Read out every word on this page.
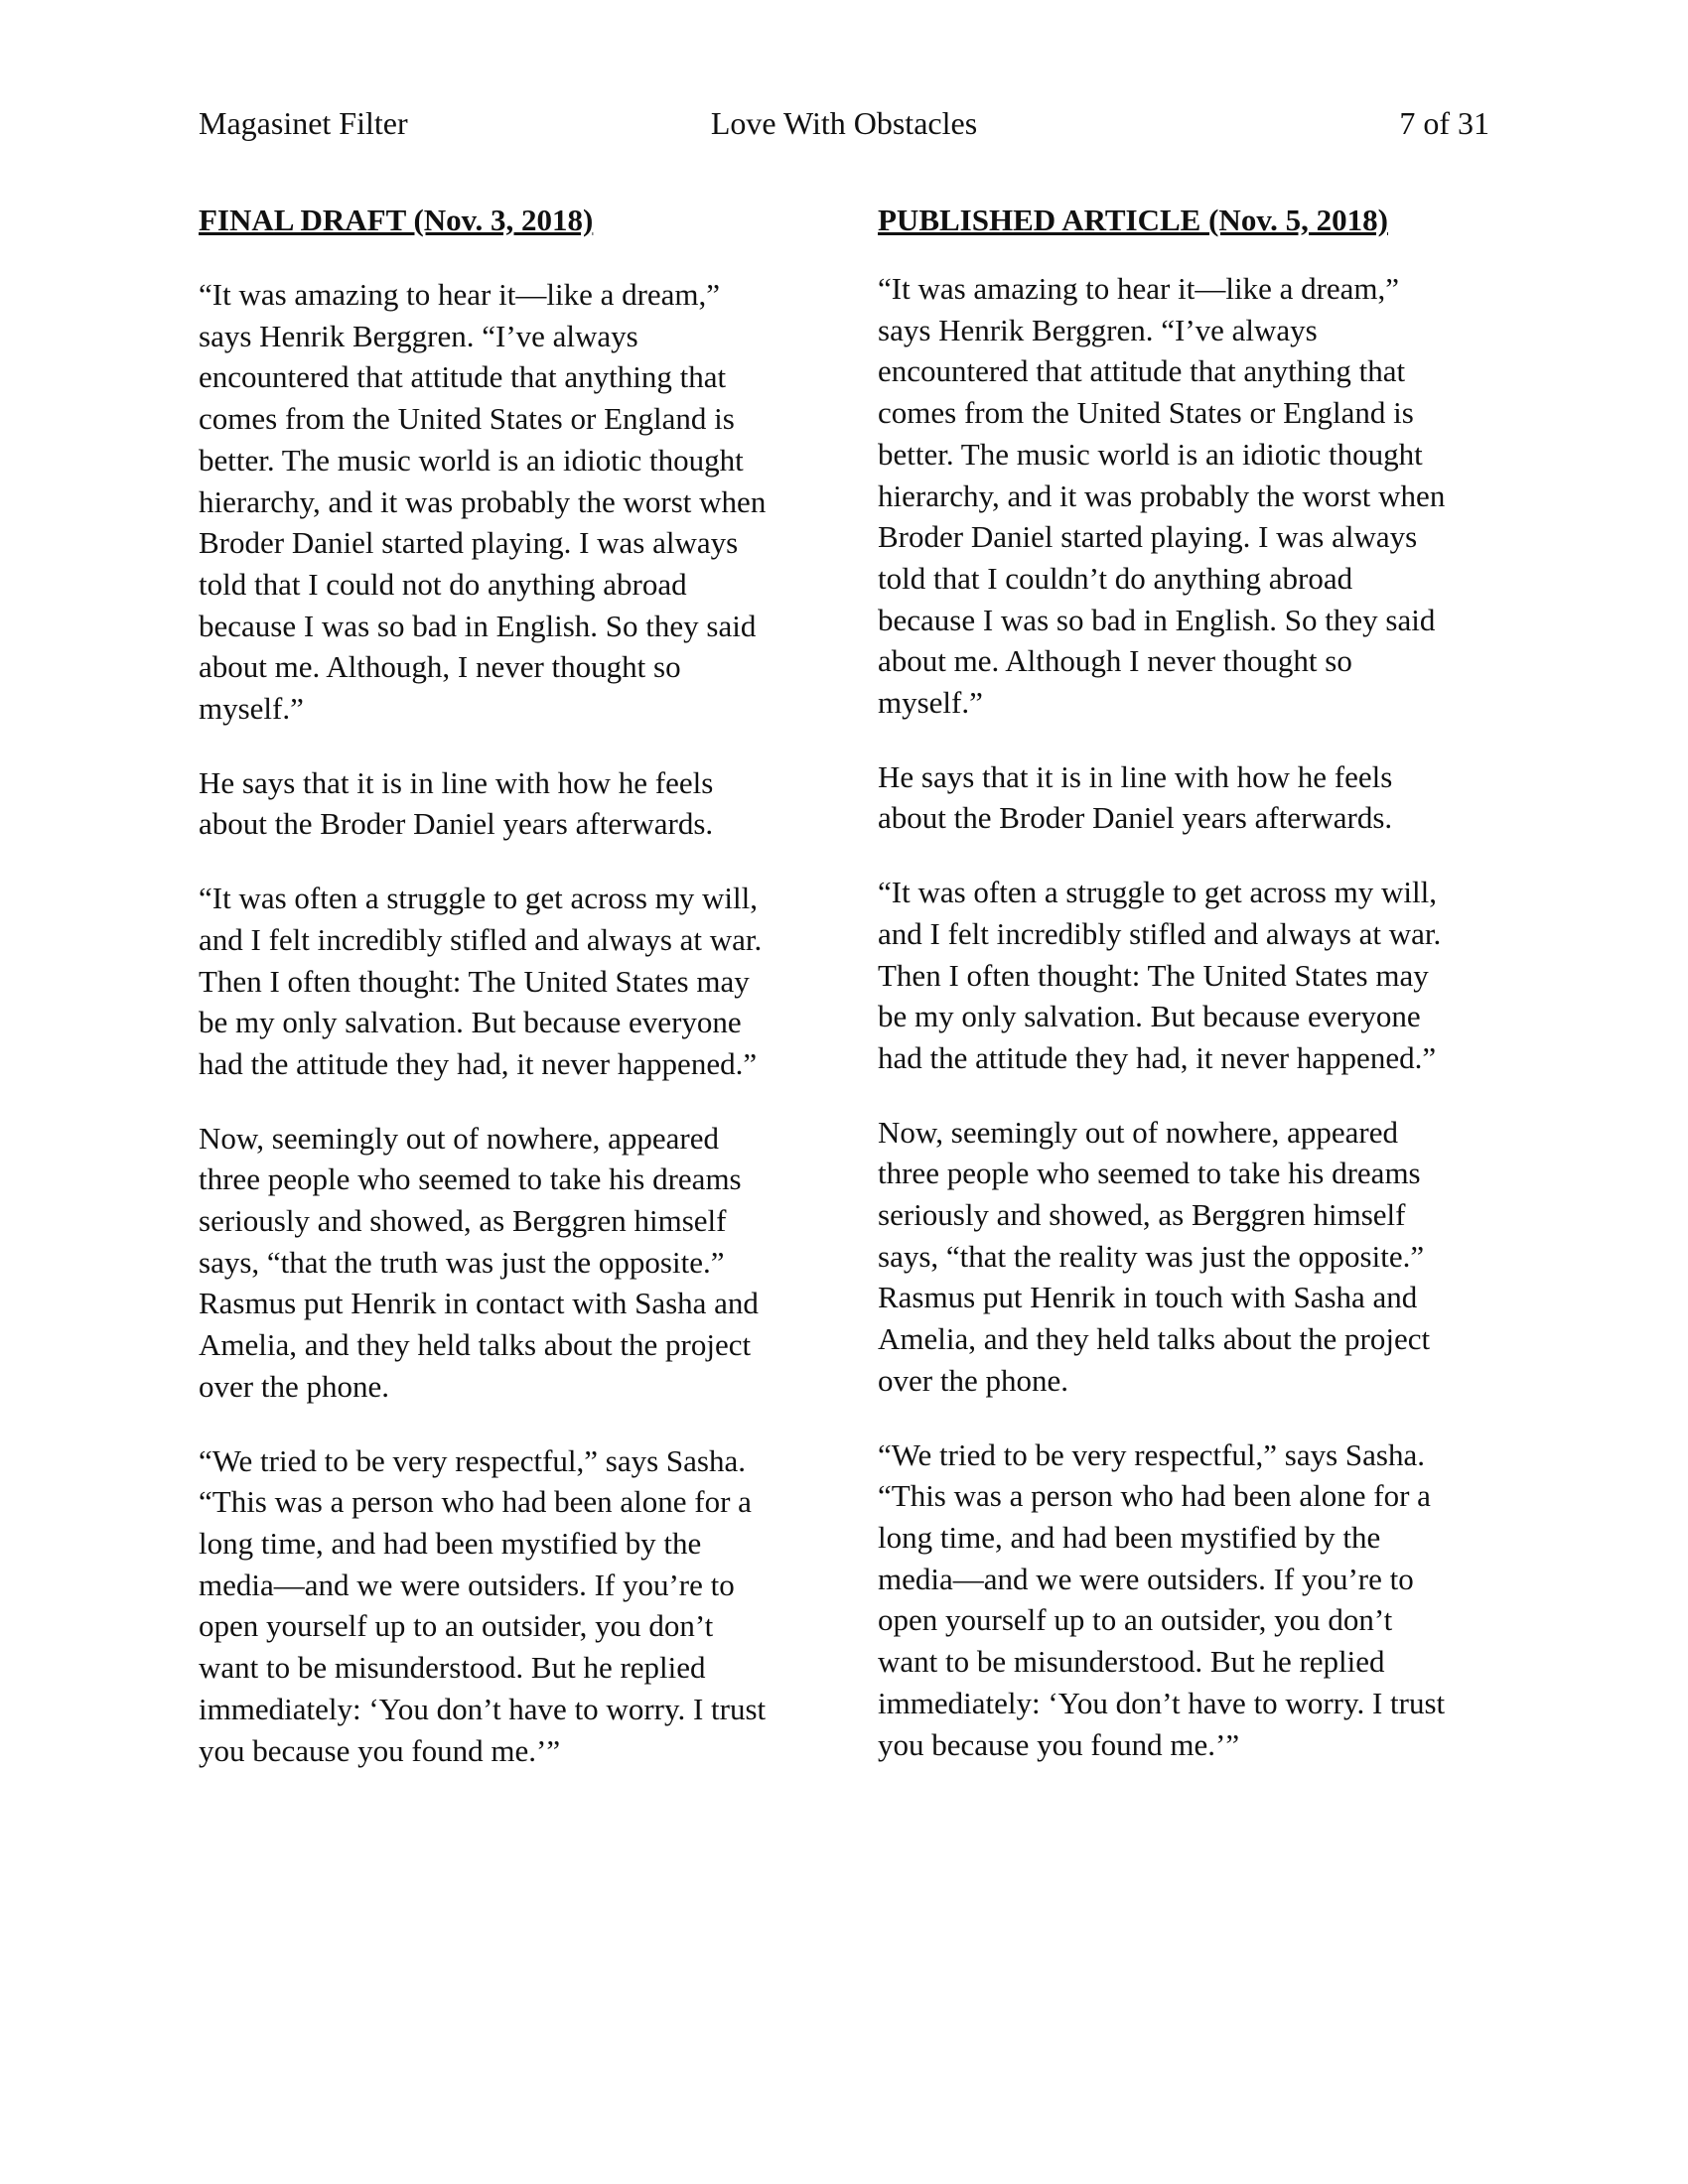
Magasinet Filter	Love With Obstacles	7 of 31
FINAL DRAFT (Nov. 3, 2018)
“It was amazing to hear it—like a dream,”
says Henrik Berggren. “I’ve always
encountered that attitude that anything that
comes from the United States or England is
better. The music world is an idiotic thought
hierarchy, and it was probably the worst when
Broder Daniel started playing. I was always
told that I could not do anything abroad
because I was so bad in English. So they said
about me. Although, I never thought so
myself.”
He says that it is in line with how he feels
about the Broder Daniel years afterwards.
“It was often a struggle to get across my will,
and I felt incredibly stifled and always at war.
Then I often thought: The United States may
be my only salvation. But because everyone
had the attitude they had, it never happened.”
Now, seemingly out of nowhere, appeared
three people who seemed to take his dreams
seriously and showed, as Berggren himself
says, “that the truth was just the opposite.”
Rasmus put Henrik in contact with Sasha and
Amelia, and they held talks about the project
over the phone.
“We tried to be very respectful,” says Sasha.
“This was a person who had been alone for a
long time, and had been mystified by the
media—and we were outsiders. If you’re to
open yourself up to an outsider, you don’t
want to be misunderstood. But he replied
immediately: ‘You don’t have to worry. I trust
you because you found me.’”
PUBLISHED ARTICLE (Nov. 5, 2018)
“It was amazing to hear it—like a dream,”
says Henrik Berggren. “I’ve always
encountered that attitude that anything that
comes from the United States or England is
better. The music world is an idiotic thought
hierarchy, and it was probably the worst when
Broder Daniel started playing. I was always
told that I couldn’t do anything abroad
because I was so bad in English. So they said
about me. Although I never thought so
myself.”
He says that it is in line with how he feels
about the Broder Daniel years afterwards.
“It was often a struggle to get across my will,
and I felt incredibly stifled and always at war.
Then I often thought: The United States may
be my only salvation. But because everyone
had the attitude they had, it never happened.”
Now, seemingly out of nowhere, appeared
three people who seemed to take his dreams
seriously and showed, as Berggren himself
says, “that the reality was just the opposite.”
Rasmus put Henrik in touch with Sasha and
Amelia, and they held talks about the project
over the phone.
“We tried to be very respectful,” says Sasha.
“This was a person who had been alone for a
long time, and had been mystified by the
media—and we were outsiders. If you’re to
open yourself up to an outsider, you don’t
want to be misunderstood. But he replied
immediately: ‘You don’t have to worry. I trust
you because you found me.’”
